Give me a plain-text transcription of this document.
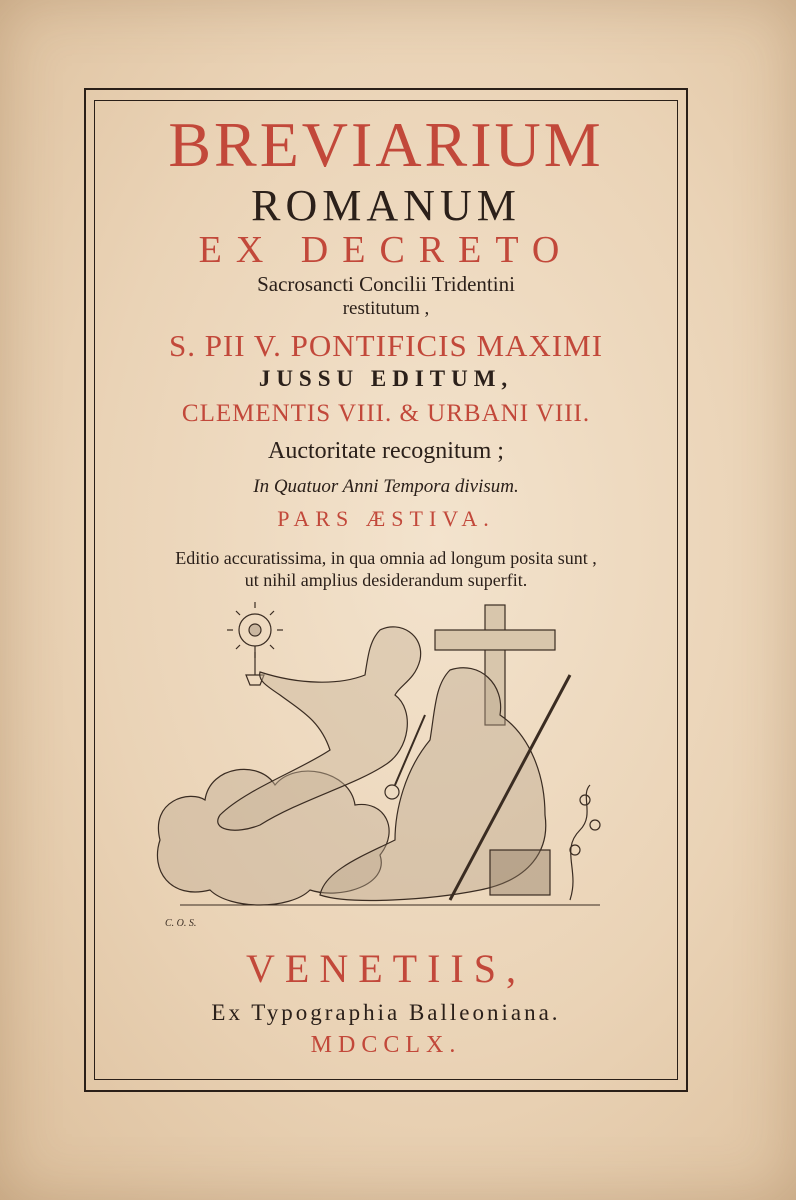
BREVIARIUM
ROMANUM
EX DECRETO
Sacrosancti Concilii Tridentini
restitutum ,
S. PII V. PONTIFICIS MAXIMI
JUSSU EDITUM,
CLEMENTIS VIII. & URBANI VIII.
Auctoritate recognitum ;
In Quatuor Anni Tempora divisum.
PARS ÆSTIVA.
Editio accuratissima, in qua omnia ad longum posita sunt ,
ut nihil amplius desiderandum superfit.
C. O. S.
VENETIIS,
Ex Typographia Balleoniana.
MDCCLX.
